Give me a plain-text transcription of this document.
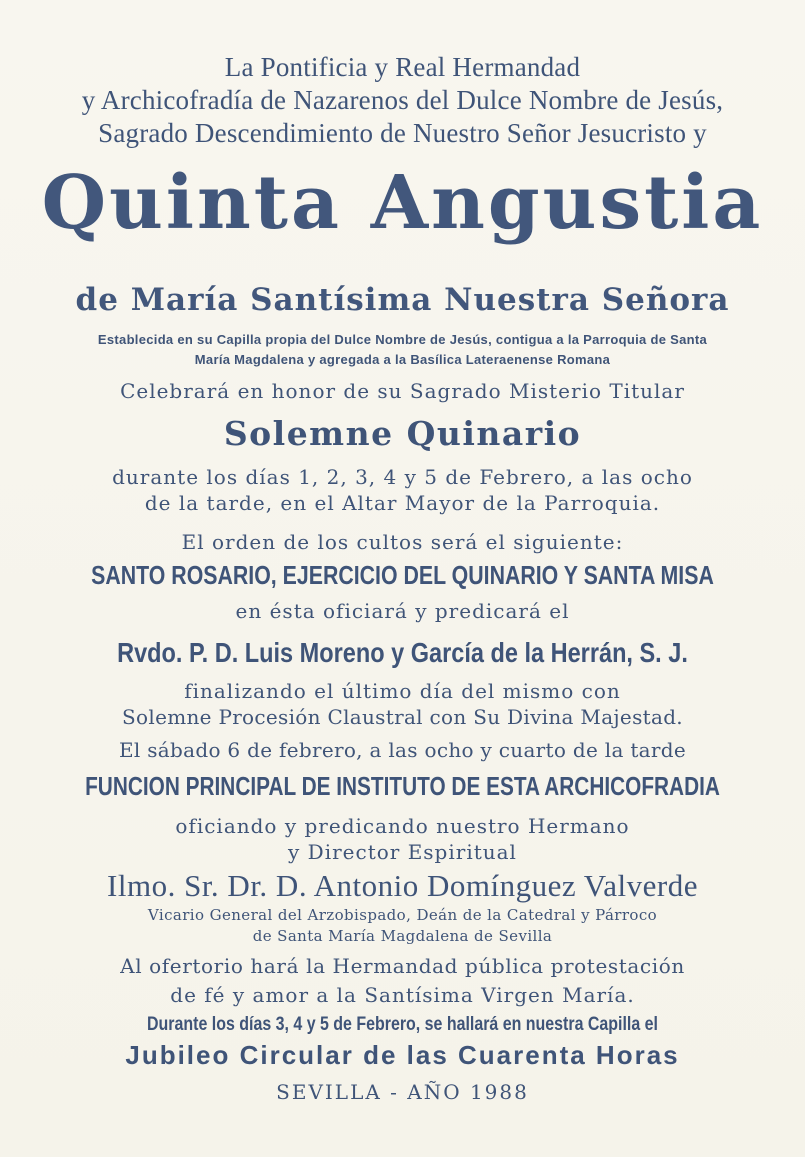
La Pontificia y Real Hermandad
y Archicofradía de Nazarenos del Dulce Nombre de Jesús,
Sagrado Descendimiento de Nuestro Señor Jesucristo y
Quinta Angustia
de María Santísima Nuestra Señora
Establecida en su Capilla propia del Dulce Nombre de Jesús, contigua a la Parroquia de Santa
María Magdalena y agregada a la Basílica Lateraenense Romana
Celebrará en honor de su Sagrado Misterio Titular
Solemne Quinario
durante los días 1, 2, 3, 4 y 5 de Febrero, a las ocho
de la tarde, en el Altar Mayor de la Parroquia.
El orden de los cultos será el siguiente:
SANTO ROSARIO, EJERCICIO DEL QUINARIO Y SANTA MISA
en ésta oficiará y predicará el
Rvdo. P. D. Luis Moreno y García de la Herrán, S. J.
finalizando el último día del mismo con
Solemne Procesión Claustral con Su Divina Majestad.
El sábado 6 de febrero, a las ocho y cuarto de la tarde
FUNCION PRINCIPAL DE INSTITUTO DE ESTA ARCHICOFRADIA
oficiando y predicando nuestro Hermano
y Director Espiritual
Ilmo. Sr. Dr. D. Antonio Domínguez Valverde
Vicario General del Arzobispado, Deán de la Catedral y Párroco
de Santa María Magdalena de Sevilla
Al ofertorio hará la Hermandad pública protestación
de fé y amor a la Santísima Virgen María.
Durante los días 3, 4 y 5 de Febrero, se hallará en nuestra Capilla el
Jubileo Circular de las Cuarenta Horas
SEVILLA - AÑO 1988
